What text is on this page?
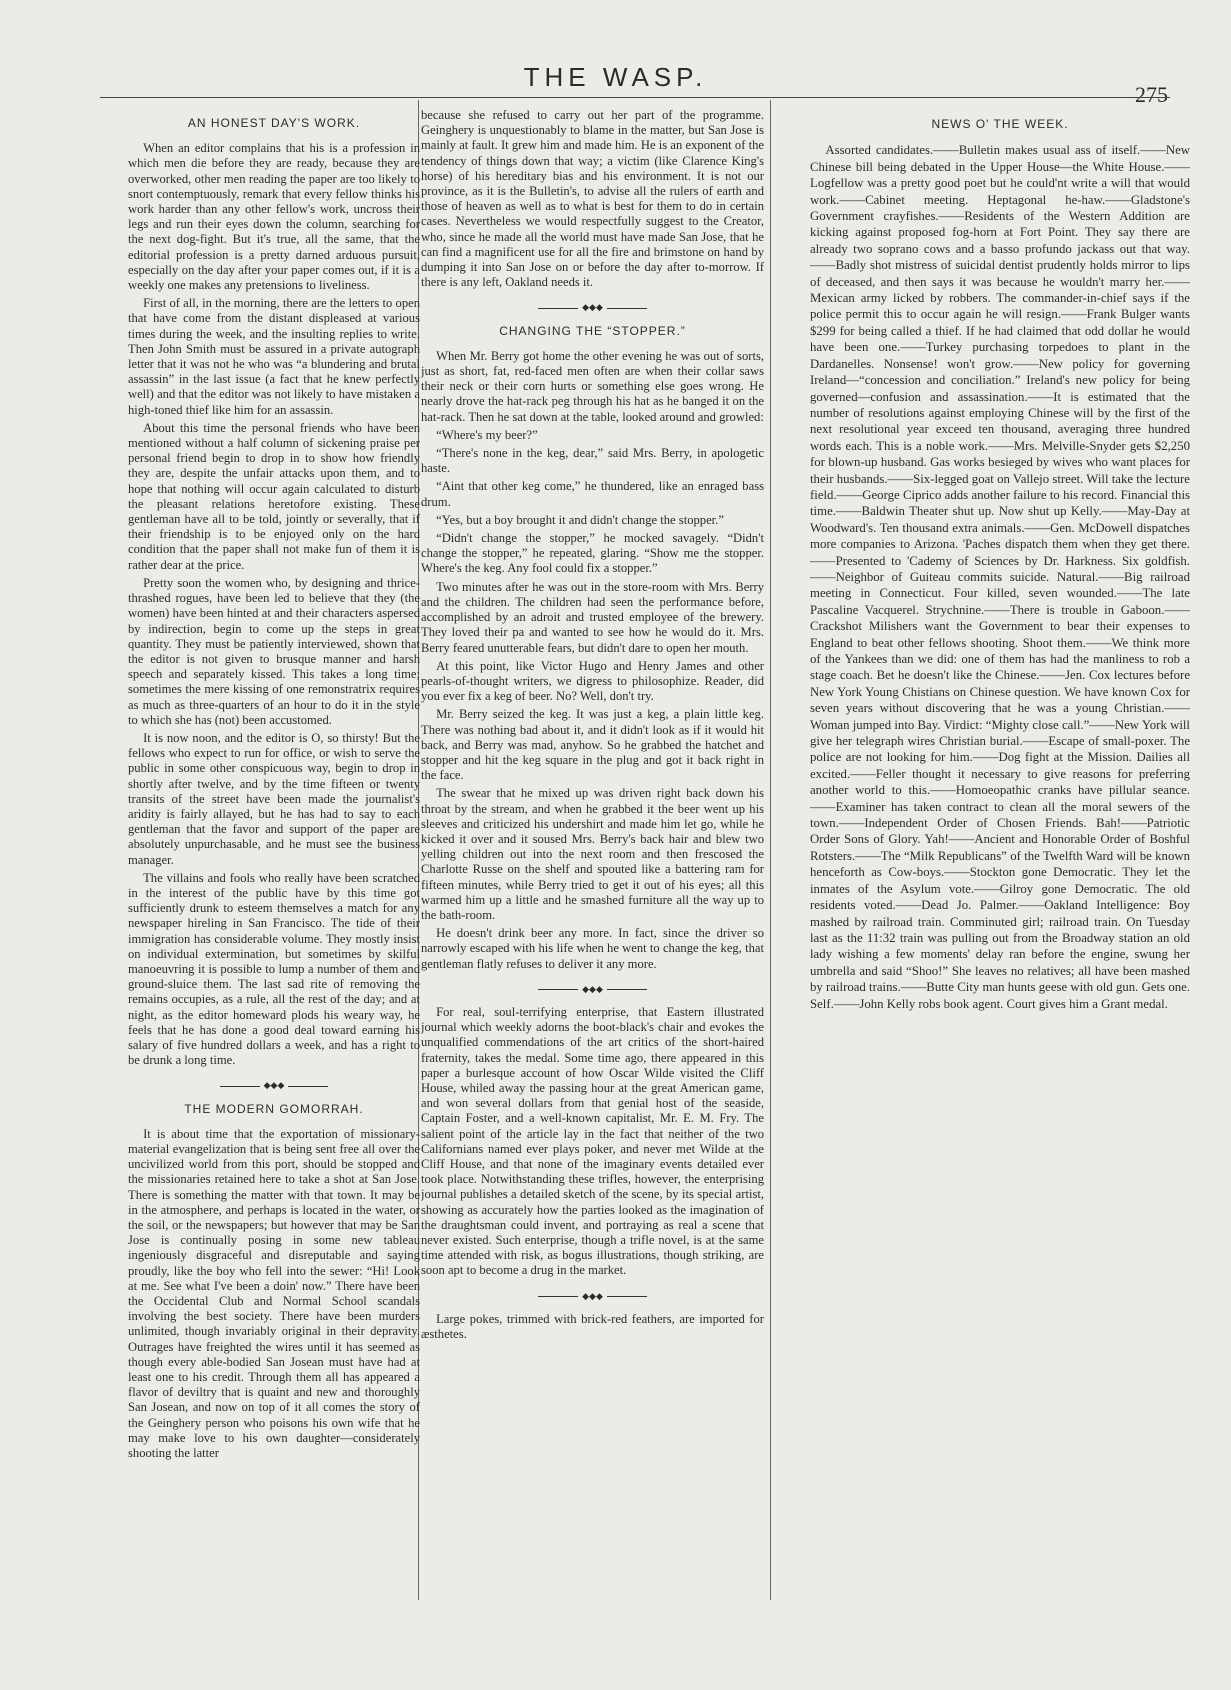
THE WASP.
275
AN HONEST DAY'S WORK.

When an editor complains that his is a profession in which men die before they are ready, because they are overworked, other men reading the paper are too likely to snort contemptuously, remark that every fellow thinks his work harder than any other fellow's work, uncross their legs and run their eyes down the column, searching for the next dog-fight. But it's true, all the same, that the editorial profession is a pretty darned arduous pursuit, especially on the day after your paper comes out, if it is a weekly one makes any pretensions to liveliness.

First of all, in the morning, there are the letters to open that have come from the distant displeased at various times during the week, and the insulting replies to write. Then John Smith must be assured in a private autograph letter that it was not he who was “a blundering and brutal assassin” in the last issue (a fact that he knew perfectly well) and that the editor was not likely to have mistaken a high-toned thief like him for an assassin.

About this time the personal friends who have been mentioned without a half column of sickening praise per personal friend begin to drop in to show how friendly they are, despite the unfair attacks upon them, and to hope that nothing will occur again calculated to disturb the pleasant relations heretofore existing. These gentleman have all to be told, jointly or severally, that if their friendship is to be enjoyed only on the hard condition that the paper shall not make fun of them it is rather dear at the price.

Pretty soon the women who, by designing and thrice-thrashed rogues, have been led to believe that they (the women) have been hinted at and their characters aspersed by indirection, begin to come up the steps in great quantity. They must be patiently interviewed, shown that the editor is not given to brusque manner and harsh speech and separately kissed. This takes a long time; sometimes the mere kissing of one remonstratrix requires as much as three-quarters of an hour to do it in the style to which she has (not) been accustomed.

It is now noon, and the editor is O, so thirsty! But the fellows who expect to run for office, or wish to serve the public in some other conspicuous way, begin to drop in shortly after twelve, and by the time fifteen or twenty transits of the street have been made the journalist's aridity is fairly allayed, but he has had to say to each gentleman that the favor and support of the paper are absolutely unpurchasable, and he must see the business manager.

The villains and fools who really have been scratched in the interest of the public have by this time got sufficiently drunk to esteem themselves a match for any newspaper hireling in San Francisco. The tide of their immigration has considerable volume. They mostly insist on individual extermination, but sometimes by skilful manoeuvring it is possible to lump a number of them and ground-sluice them. The last sad rite of removing the remains occupies, as a rule, all the rest of the day; and at night, as the editor homeward plods his weary way, he feels that he has done a good deal toward earning his salary of five hundred dollars a week, and has a right to be drunk a long time.

◆◆◆
THE MODERN GOMORRAH.

It is about time that the exportation of missionary-material evangelization that is being sent free all over the uncivilized world from this port, should be stopped and the missionaries retained here to take a shot at San Jose. There is something the matter with that town. It may be in the atmosphere, and perhaps is located in the water, or the soil, or the newspapers; but however that may be San Jose is continually posing in some new tableau ingeniously disgraceful and disreputable and saying proudly, like the boy who fell into the sewer: “Hi! Look at me. See what I've been a doin' now.” There have been the Occidental Club and Normal School scandals involving the best society. There have been murders unlimited, though invariably original in their depravity. Outrages have freighted the wires until it has seemed as though every able-bodied San Josean must have had at least one to his credit. Through them all has appeared a flavor of deviltry that is quaint and new and thoroughly San Josean, and now on top of it all comes the story of the Geinghery person who poisons his own wife that he may make love to his own daughter—considerately shooting the latter

because she refused to carry out her part of the programme. Geinghery is unquestionably to blame in the matter, but San Jose is mainly at fault. It grew him and made him. He is an exponent of the tendency of things down that way; a victim (like Clarence King's horse) of his hereditary bias and his environment. It is not our province, as it is the Bulletin's, to advise all the rulers of earth and those of heaven as well as to what is best for them to do in certain cases. Nevertheless we would respectfully suggest to the Creator, who, since he made all the world must have made San Jose, that he can find a magnificent use for all the fire and brimstone on hand by dumping it into San Jose on or before the day after to-morrow. If there is any left, Oakland needs it.

◆◆◆
CHANGING THE “STOPPER.”

When Mr. Berry got home the other evening he was out of sorts, just as short, fat, red-faced men often are when their collar saws their neck or their corn hurts or something else goes wrong. He nearly drove the hat-rack peg through his hat as he banged it on the hat-rack. Then he sat down at the table, looked around and growled:

“Where's my beer?”

“There's none in the keg, dear,” said Mrs. Berry, in apologetic haste.

“Aint that other keg come,” he thundered, like an enraged bass drum.

“Yes, but a boy brought it and didn't change the stopper.”

“Didn't change the stopper,” he mocked savagely. “Didn't change the stopper,” he repeated, glaring. “Show me the stopper. Where's the keg. Any fool could fix a stopper.”

Two minutes after he was out in the store-room with Mrs. Berry and the children. The children had seen the performance before, accomplished by an adroit and trusted employee of the brewery. They loved their pa and wanted to see how he would do it. Mrs. Berry feared unutterable fears, but didn't dare to open her mouth.

At this point, like Victor Hugo and Henry James and other pearls-of-thought writers, we digress to philosophize. Reader, did you ever fix a keg of beer. No? Well, don't try.

Mr. Berry seized the keg. It was just a keg, a plain little keg. There was nothing bad about it, and it didn't look as if it would hit back, and Berry was mad, anyhow. So he grabbed the hatchet and stopper and hit the keg square in the plug and got it back right in the face.

The swear that he mixed up was driven right back down his throat by the stream, and when he grabbed it the beer went up his sleeves and criticized his undershirt and made him let go, while he kicked it over and it soused Mrs. Berry's back hair and blew two yelling children out into the next room and then frescosed the Charlotte Russe on the shelf and spouted like a battering ram for fifteen minutes, while Berry tried to get it out of his eyes; all this warmed him up a little and he smashed furniture all the way up to the bath-room.

He doesn't drink beer any more. In fact, since the driver so narrowly escaped with his life when he went to change the keg, that gentleman flatly refuses to deliver it any more.

◆◆◆

For real, soul-terrifying enterprise, that Eastern illustrated journal which weekly adorns the boot-black's chair and evokes the unqualified commendations of the art critics of the short-haired fraternity, takes the medal. Some time ago, there appeared in this paper a burlesque account of how Oscar Wilde visited the Cliff House, whiled away the passing hour at the great American game, and won several dollars from that genial host of the seaside, Captain Foster, and a well-known capitalist, Mr. E. M. Fry. The salient point of the article lay in the fact that neither of the two Californians named ever plays poker, and never met Wilde at the Cliff House, and that none of the imaginary events detailed ever took place. Notwithstanding these trifles, however, the enterprising journal publishes a detailed sketch of the scene, by its special artist, showing as accurately how the parties looked as the imagination of the draughtsman could invent, and portraying as real a scene that never existed. Such enterprise, though a trifle novel, is at the same time attended with risk, as bogus illustrations, though striking, are soon apt to become a drug in the market.

◆◆◆

Large pokes, trimmed with brick-red feathers, are imported for æsthetes.

NEWS O' THE WEEK.

Assorted candidates.——Bulletin makes usual ass of itself.——New Chinese bill being debated in the Upper House—the White House.——Logfellow was a pretty good poet but he could'nt write a will that would work.——Cabinet meeting. Heptagonal he-haw.——Gladstone's Government crayfishes.——Residents of the Western Addition are kicking against proposed fog-horn at Fort Point. They say there are already two soprano cows and a basso profundo jackass out that way.——Badly shot mistress of suicidal dentist prudently holds mirror to lips of deceased, and then says it was because he wouldn't marry her.——Mexican army licked by robbers. The commander-in-chief says if the police permit this to occur again he will resign.——Frank Bulger wants $299 for being called a thief. If he had claimed that odd dollar he would have been one.——Turkey purchasing torpedoes to plant in the Dardanelles. Nonsense! won't grow.——New policy for governing Ireland—“concession and conciliation.” Ireland's new policy for being governed—confusion and assassination.——It is estimated that the number of resolutions against employing Chinese will by the first of the next resolutional year exceed ten thousand, averaging three hundred words each. This is a noble work.——Mrs. Melville-Snyder gets $2,250 for blown-up husband. Gas works besieged by wives who want places for their husbands.——Six-legged goat on Vallejo street. Will take the lecture field.——George Ciprico adds another failure to his record. Financial this time.——Baldwin Theater shut up. Now shut up Kelly.——May-Day at Woodward's. Ten thousand extra animals.——Gen. McDowell dispatches more companies to Arizona. 'Paches dispatch them when they get there.——Presented to 'Cademy of Sciences by Dr. Harkness. Six goldfish.——Neighbor of Guiteau commits suicide. Natural.——Big railroad meeting in Connecticut. Four killed, seven wounded.——The late Pascaline Vacquerel. Strychnine.——There is trouble in Gaboon.——Crackshot Milishers want the Government to bear their expenses to England to beat other fellows shooting. Shoot them.——We think more of the Yankees than we did: one of them has had the manliness to rob a stage coach. Bet he doesn't like the Chinese.——Jen. Cox lectures before New York Young Chistians on Chinese question. We have known Cox for seven years without discovering that he was a young Christian.——Woman jumped into Bay. Virdict: “Mighty close call.”——New York will give her telegraph wires Christian burial.——Escape of small-poxer. The police are not looking for him.——Dog fight at the Mission. Dailies all excited.——Feller thought it necessary to give reasons for preferring another world to this.——Homoeopathic cranks have pillular seance.——Examiner has taken contract to clean all the moral sewers of the town.——Independent Order of Chosen Friends. Bah!——Patriotic Order Sons of Glory. Yah!——Ancient and Honorable Order of Boshful Rotsters.——The “Milk Republicans” of the Twelfth Ward will be known henceforth as Cow-boys.——Stockton gone Democratic. They let the inmates of the Asylum vote.——Gilroy gone Democratic. The old residents voted.——Dead Jo. Palmer.——Oakland Intelligence: Boy mashed by railroad train. Comminuted girl; railroad train. On Tuesday last as the 11:32 train was pulling out from the Broadway station an old lady wishing a few moments' delay ran before the engine, swung her umbrella and said “Shoo!” She leaves no relatives; all have been mashed by railroad trains.——Butte City man hunts geese with old gun. Gets one. Self.——John Kelly robs book agent. Court gives him a Grant medal.
